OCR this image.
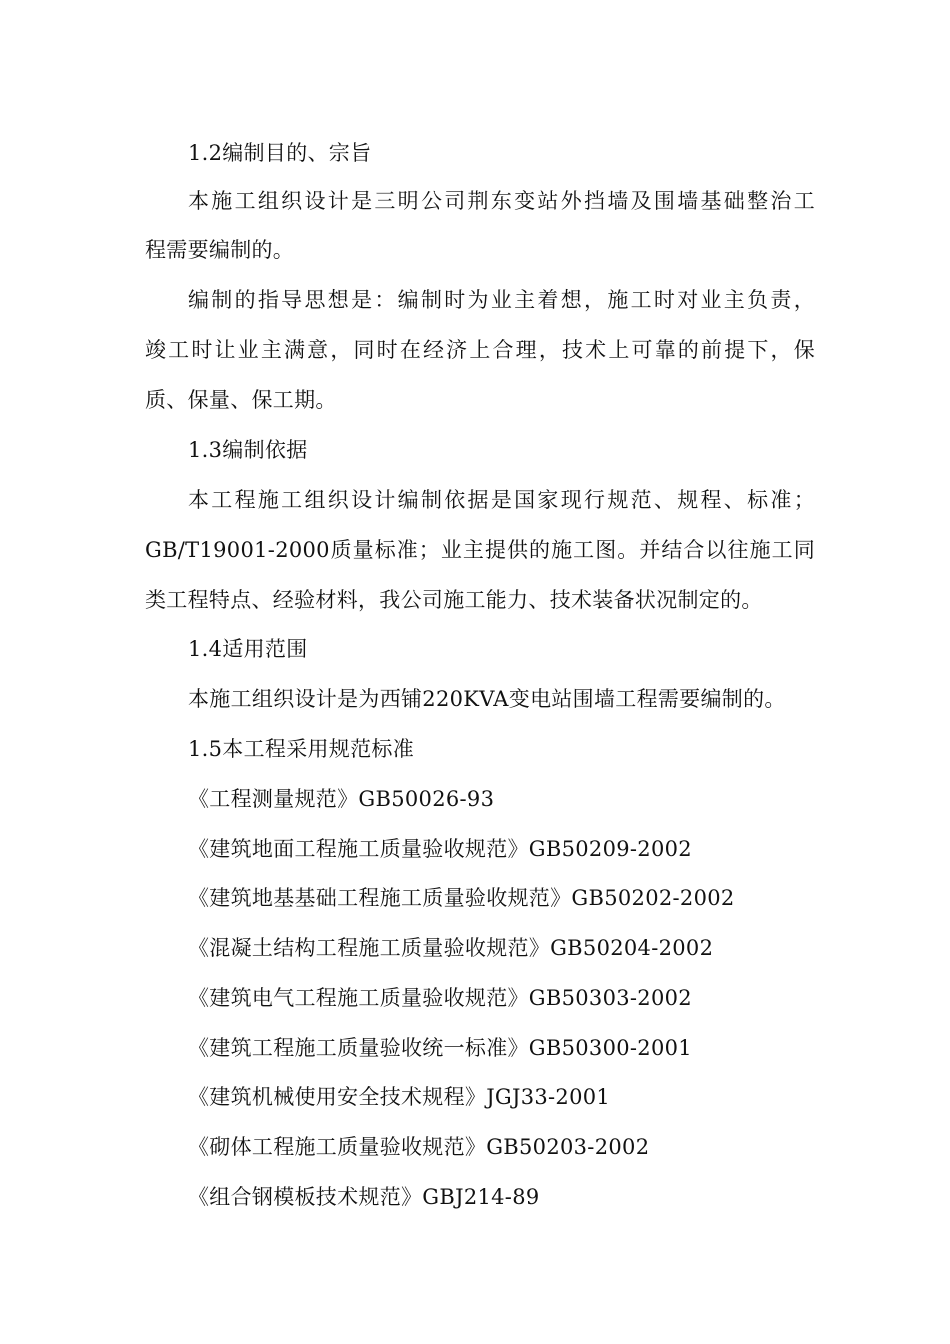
1.2编制目的、宗旨
本施工组织设计是三明公司荆东变站外挡墙及围墙基础整治工
程需要编制的。
编制的指导思想是：编制时为业主着想，施工时对业主负责，
竣工时让业主满意，同时在经济上合理，技术上可靠的前提下，保
质、保量、保工期。
1.3编制依据
本工程施工组织设计编制依据是国家现行规范、规程、标准；
GB/T19001-2000质量标准；业主提供的施工图。并结合以往施工同
类工程特点、经验材料，我公司施工能力、技术装备状况制定的。
1.4适用范围
本施工组织设计是为西铺220KVA变电站围墙工程需要编制的。
1.5本工程采用规范标准
《工程测量规范》GB50026-93
《建筑地面工程施工质量验收规范》GB50209-2002
《建筑地基基础工程施工质量验收规范》GB50202-2002
《混凝土结构工程施工质量验收规范》GB50204-2002
《建筑电气工程施工质量验收规范》GB50303-2002
《建筑工程施工质量验收统一标准》GB50300-2001
《建筑机械使用安全技术规程》JGJ33-2001
《砌体工程施工质量验收规范》GB50203-2002
《组合钢模板技术规范》GBJ214-89
